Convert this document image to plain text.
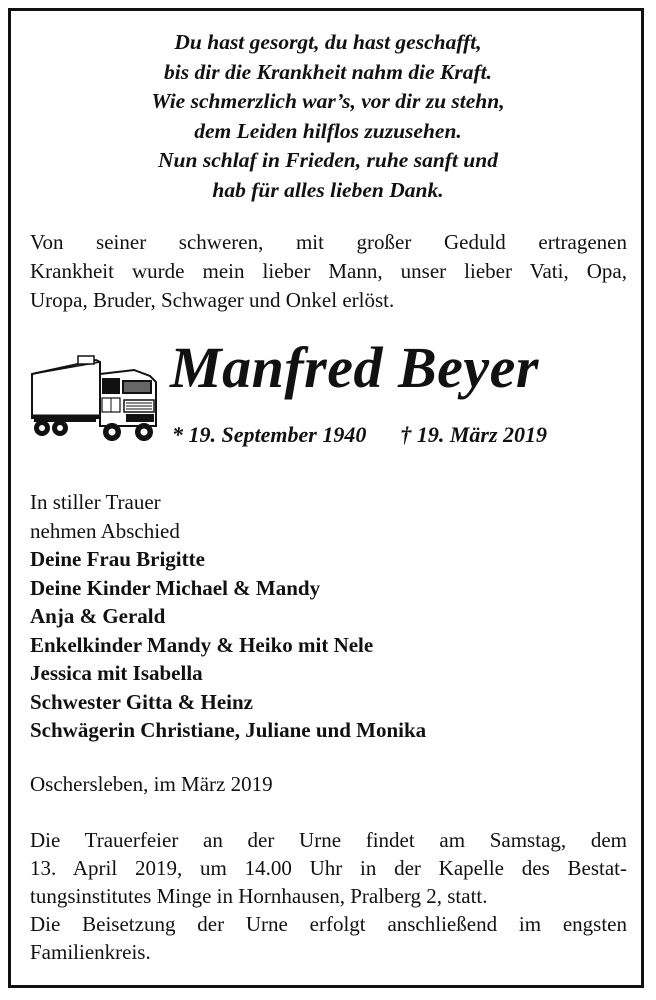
Du hast gesorgt, du hast geschafft,
bis dir die Krankheit nahm die Kraft.
Wie schmerzlich war’s, vor dir zu stehn,
dem Leiden hilflos zuzusehen.
Nun schlaf in Frieden, ruhe sanft und
hab für alles lieben Dank.
Von seiner schweren, mit großer Geduld ertragenen
Krankheit wurde mein lieber Mann, unser lieber Vati, Opa,
Uropa, Bruder, Schwager und Onkel erlöst.
Manfred Beyer
* 19. September 1940 † 19. März 2019
In stiller Trauer
nehmen Abschied
Deine Frau Brigitte
Deine Kinder Michael & Mandy
Anja & Gerald
Enkelkinder Mandy & Heiko mit Nele
Jessica mit Isabella
Schwester Gitta & Heinz
Schwägerin Christiane, Juliane und Monika
Oschersleben, im März 2019
Die Trauerfeier an der Urne findet am Samstag, dem
13. April 2019, um 14.00 Uhr in der Kapelle des Bestat-
tungsinstitutes Minge in Hornhausen, Pralberg 2, statt.
Die Beisetzung der Urne erfolgt anschließend im engsten
Familienkreis.
